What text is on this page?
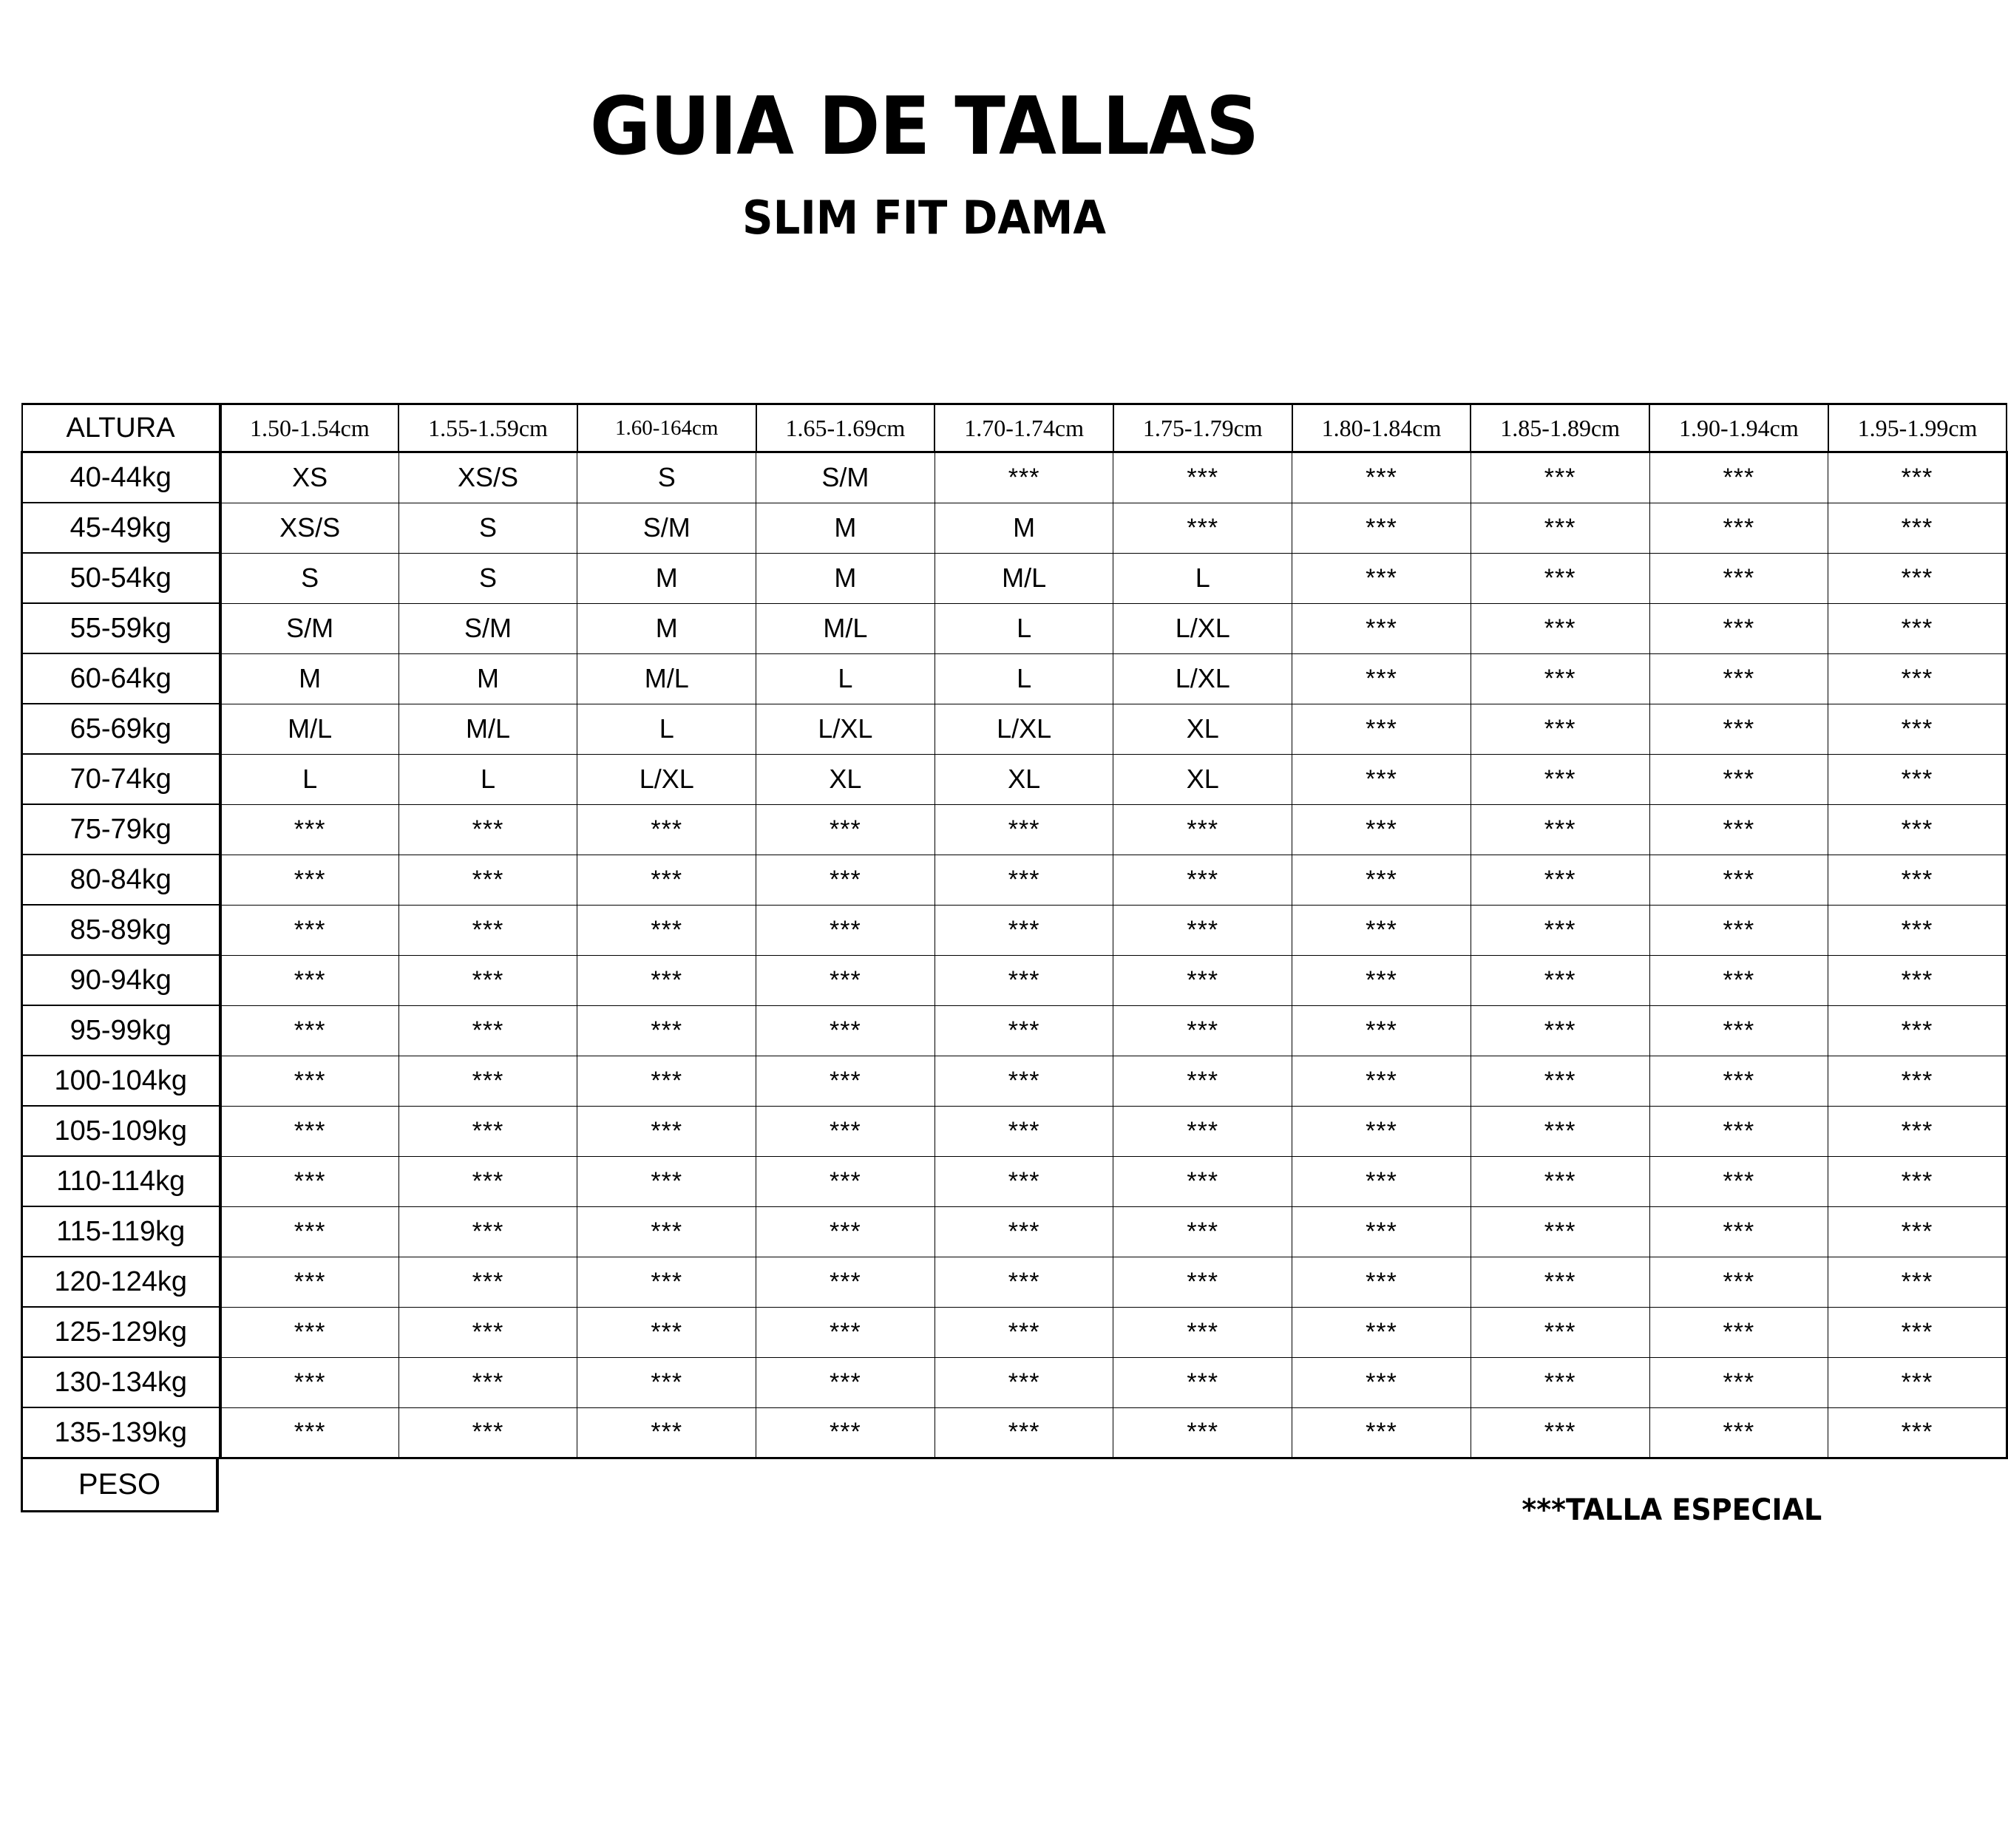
GUIA DE TALLAS
SLIM FIT DAMA
ALTURA	1.50-1.54cm	1.55-1.59cm	1.60-164cm	1.65-1.69cm	1.70-1.74cm	1.75-1.79cm	1.80-1.84cm	1.85-1.89cm	1.90-1.94cm	1.95-1.99cm
40-44kg	XS	XS/S	S	S/M	***	***	***	***	***	***
45-49kg	XS/S	S	S/M	M	M	***	***	***	***	***
50-54kg	S	S	M	M	M/L	L	***	***	***	***
55-59kg	S/M	S/M	M	M/L	L	L/XL	***	***	***	***
60-64kg	M	M	M/L	L	L	L/XL	***	***	***	***
65-69kg	M/L	M/L	L	L/XL	L/XL	XL	***	***	***	***
70-74kg	L	L	L/XL	XL	XL	XL	***	***	***	***
75-79kg	***	***	***	***	***	***	***	***	***	***
80-84kg	***	***	***	***	***	***	***	***	***	***
85-89kg	***	***	***	***	***	***	***	***	***	***
90-94kg	***	***	***	***	***	***	***	***	***	***
95-99kg	***	***	***	***	***	***	***	***	***	***
100-104kg	***	***	***	***	***	***	***	***	***	***
105-109kg	***	***	***	***	***	***	***	***	***	***
110-114kg	***	***	***	***	***	***	***	***	***	***
115-119kg	***	***	***	***	***	***	***	***	***	***
120-124kg	***	***	***	***	***	***	***	***	***	***
125-129kg	***	***	***	***	***	***	***	***	***	***
130-134kg	***	***	***	***	***	***	***	***	***	***
135-139kg	***	***	***	***	***	***	***	***	***	***
PESO
***TALLA ESPECIAL
